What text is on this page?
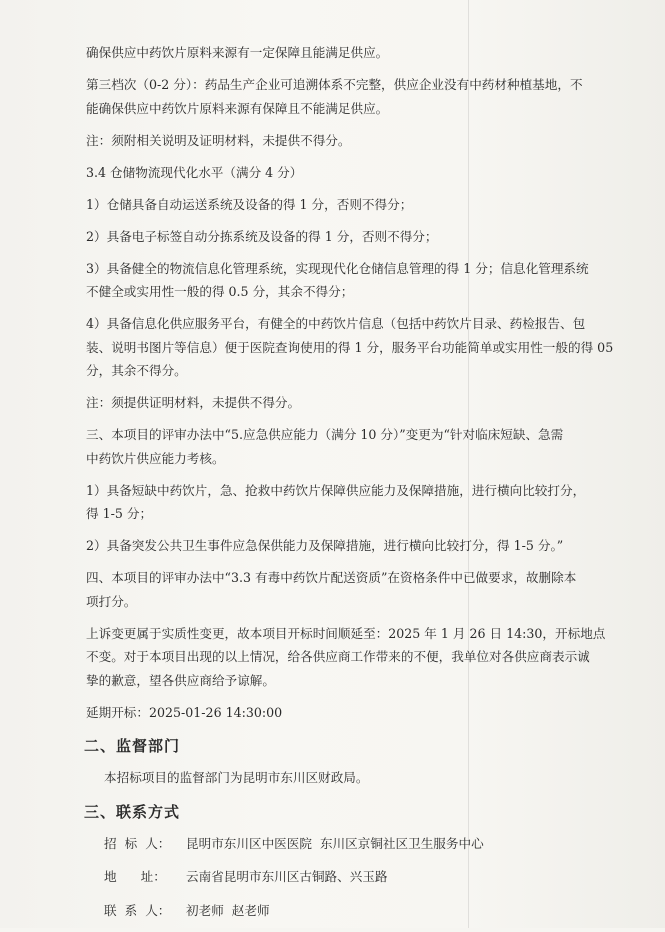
确保供应中药饮片原料来源有一定保障且能满足供应。

第三档次（0-2 分）：药品生产企业可追溯体系不完整，供应企业没有中药材种植基地，不
能确保供应中药饮片原料来源有保障且不能满足供应。

注：须附相关说明及证明材料，未提供不得分。

3.4 仓储物流现代化水平（满分 4 分）

1）仓储具备自动运送系统及设备的得 1 分，否则不得分；

2）具备电子标签自动分拣系统及设备的得 1 分，否则不得分；

3）具备健全的物流信息化管理系统，实现现代化仓储信息管理的得 1 分；信息化管理系统
不健全或实用性一般的得 0.5 分，其余不得分；

4）具备信息化供应服务平台，有健全的中药饮片信息（包括中药饮片目录、药检报告、包
装、说明书图片等信息）便于医院查询使用的得 1 分，服务平台功能简单或实用性一般的得 05
分，其余不得分。

注：须提供证明材料，未提供不得分。

三、本项目的评审办法中“5.应急供应能力（满分 10 分）”变更为“针对临床短缺、急需
中药饮片供应能力考核。

1）具备短缺中药饮片，急、抢救中药饮片保障供应能力及保障措施，进行横向比较打分，
得 1-5 分；

2）具备突发公共卫生事件应急保供能力及保障措施，进行横向比较打分，得 1-5 分。”

四、本项目的评审办法中“3.3 有毒中药饮片配送资质”在资格条件中已做要求，故删除本
项打分。

上诉变更属于实质性变更，故本项目开标时间顺延至：2025 年 1 月 26 日 14:30，开标地点
不变。对于本项目出现的以上情况，给各供应商工作带来的不便，我单位对各供应商表示诚
挚的歉意，望各供应商给予谅解。

延期开标：2025-01-26 14:30:00

二、监督部门

本招标项目的监督部门为昆明市东川区财政局。

三、联系方式

招  标  人： 昆明市东川区中医医院  东川区京铜社区卫生服务中心

地      址： 云南省昆明市东川区古铜路、兴玉路

联  系  人： 初老师  赵老师
